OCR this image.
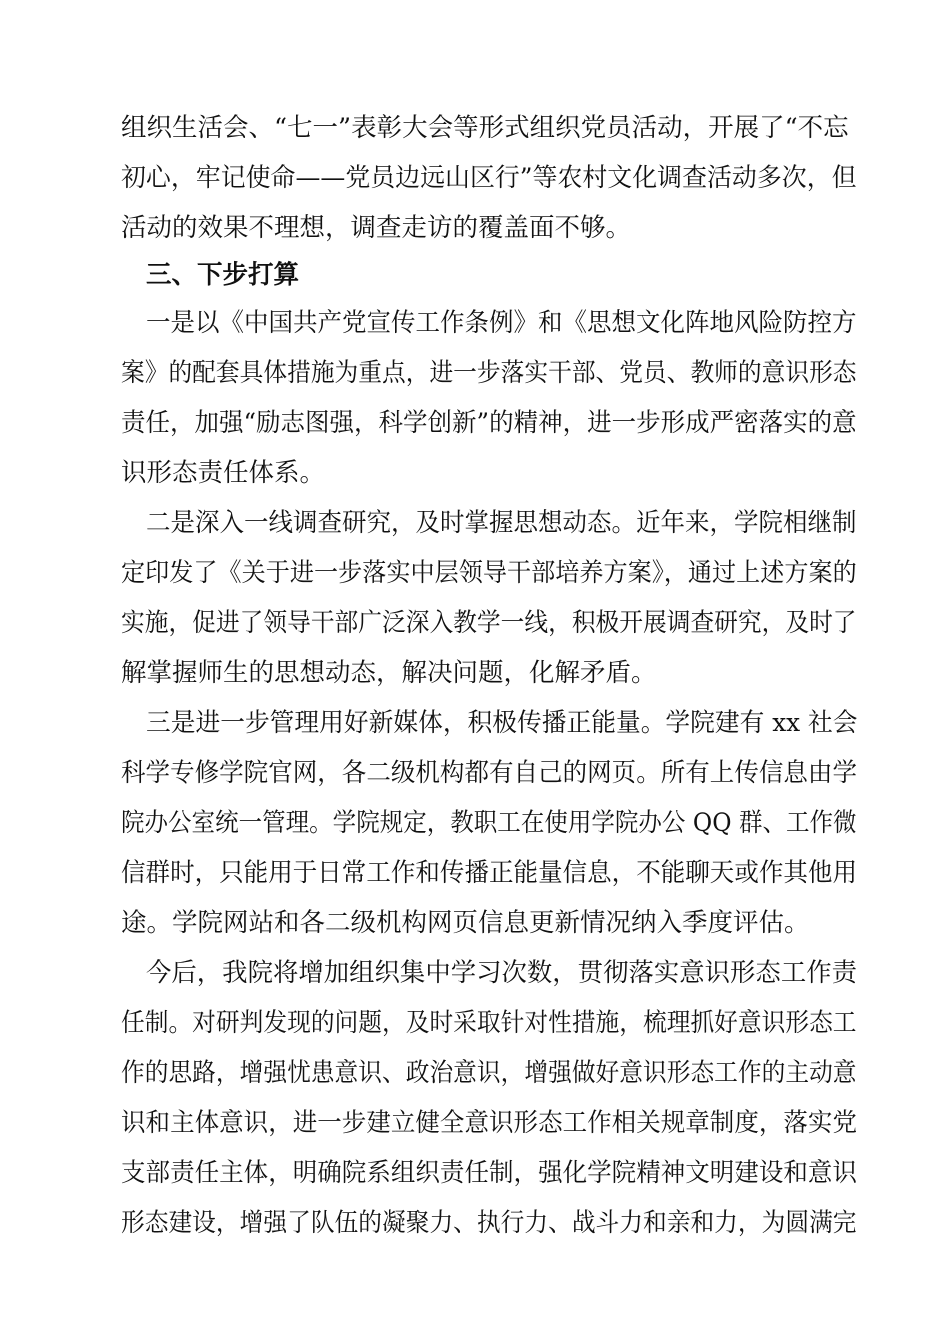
组织生活会、“七一”表彰大会等形式组织党员活动，开展了“不忘
初心，牢记使命——党员边远山区行”等农村文化调查活动多次，但
活动的效果不理想，调查走访的覆盖面不够。
三、下步打算
一是以《中国共产党宣传工作条例》和《思想文化阵地风险防控方
案》的配套具体措施为重点，进一步落实干部、党员、教师的意识形态
责任，加强“励志图强，科学创新”的精神，进一步形成严密落实的意
识形态责任体系。
二是深入一线调查研究，及时掌握思想动态。近年来，学院相继制
定印发了《关于进一步落实中层领导干部培养方案》，通过上述方案的
实施，促进了领导干部广泛深入教学一线，积极开展调查研究，及时了
解掌握师生的思想动态，解决问题，化解矛盾。
三是进一步管理用好新媒体，积极传播正能量。学院建有 xx 社会
科学专修学院官网，各二级机构都有自己的网页。所有上传信息由学
院办公室统一管理。学院规定，教职工在使用学院办公 QQ 群、工作微
信群时，只能用于日常工作和传播正能量信息，不能聊天或作其他用
途。学院网站和各二级机构网页信息更新情况纳入季度评估。
今后，我院将增加组织集中学习次数，贯彻落实意识形态工作责
任制。对研判发现的问题，及时采取针对性措施，梳理抓好意识形态工
作的思路，增强忧患意识、政治意识，增强做好意识形态工作的主动意
识和主体意识，进一步建立健全意识形态工作相关规章制度，落实党
支部责任主体，明确院系组织责任制，强化学院精神文明建设和意识
形态建设，增强了队伍的凝聚力、执行力、战斗力和亲和力，为圆满完
